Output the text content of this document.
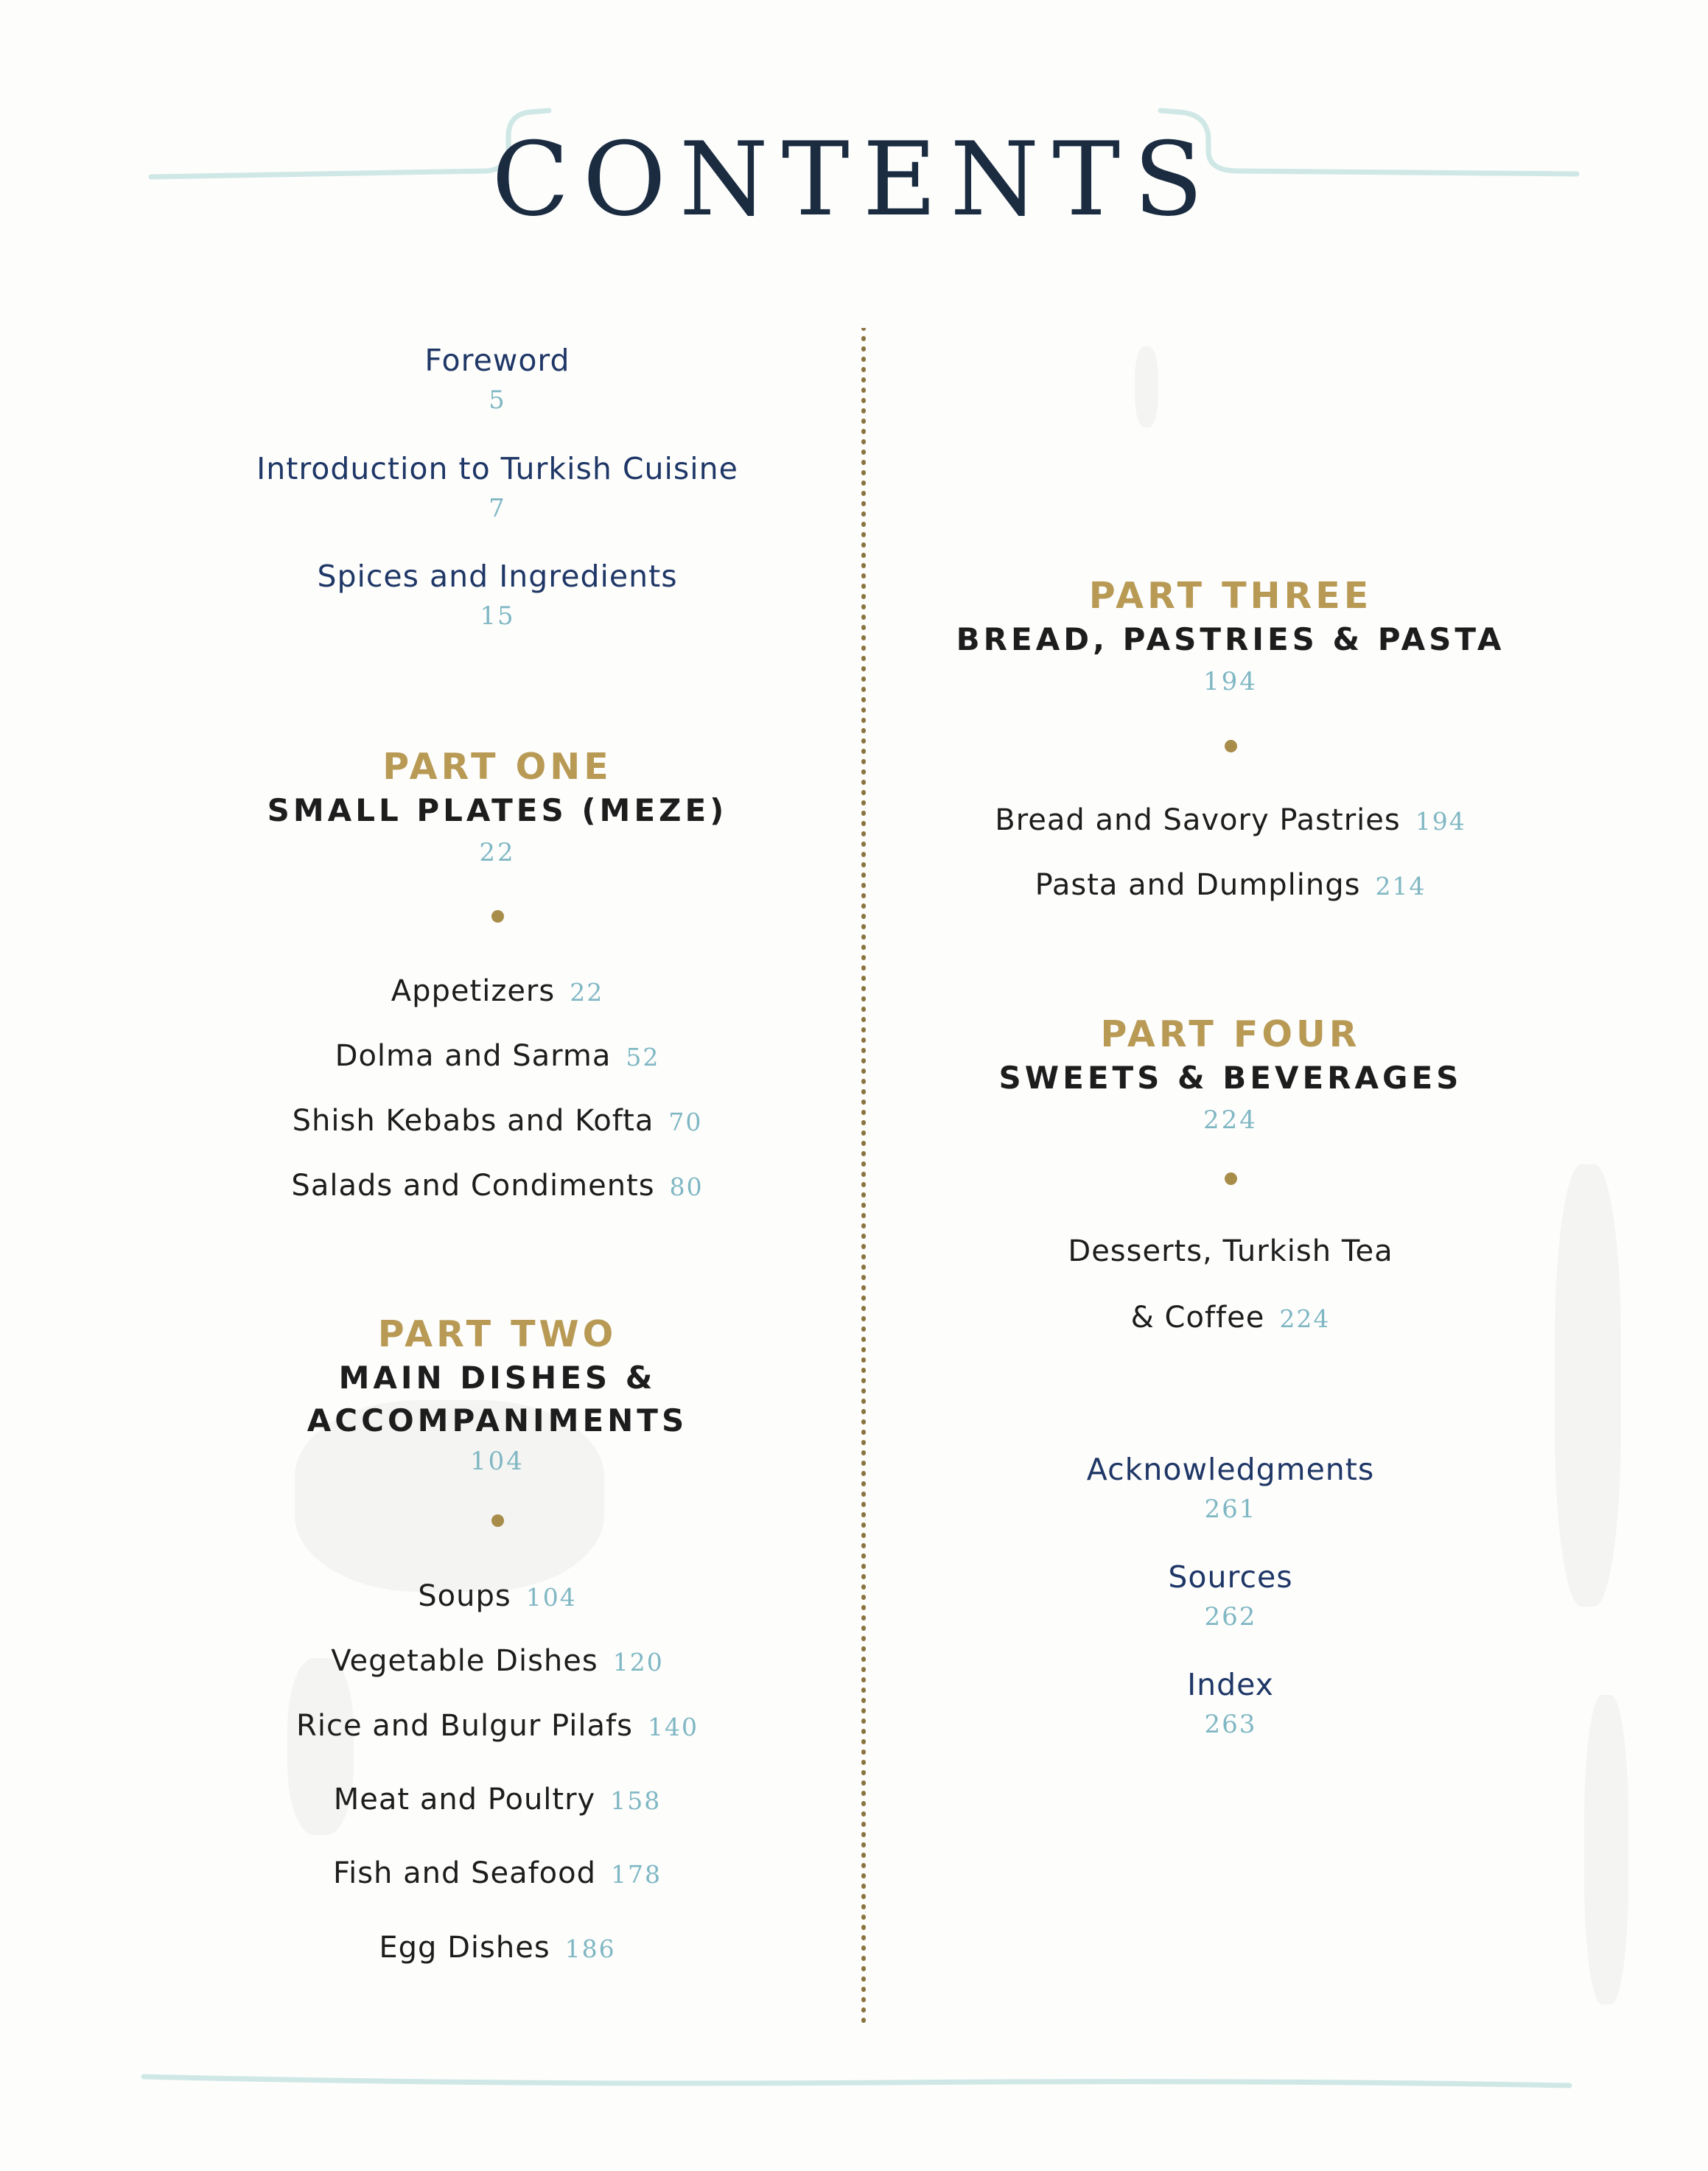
CONTENTS
Foreword
5
Introduction to Turkish Cuisine
7
Spices and Ingredients
15
PART ONE
SMALL PLATES (MEZE)
22
Appetizers 22
Dolma and Sarma 52
Shish Kebabs and Kofta 70
Salads and Condiments 80
PART TWO
MAIN DISHES &
ACCOMPANIMENTS
104
Soups 104
Vegetable Dishes 120
Rice and Bulgur Pilafs 140
Meat and Poultry 158
Fish and Seafood 178
Egg Dishes 186
PART THREE
BREAD, PASTRIES & PASTA
194
Bread and Savory Pastries 194
Pasta and Dumplings 214
PART FOUR
SWEETS & BEVERAGES
224
Desserts, Turkish Tea
& Coffee 224
Acknowledgments
261
Sources
262
Index
263
